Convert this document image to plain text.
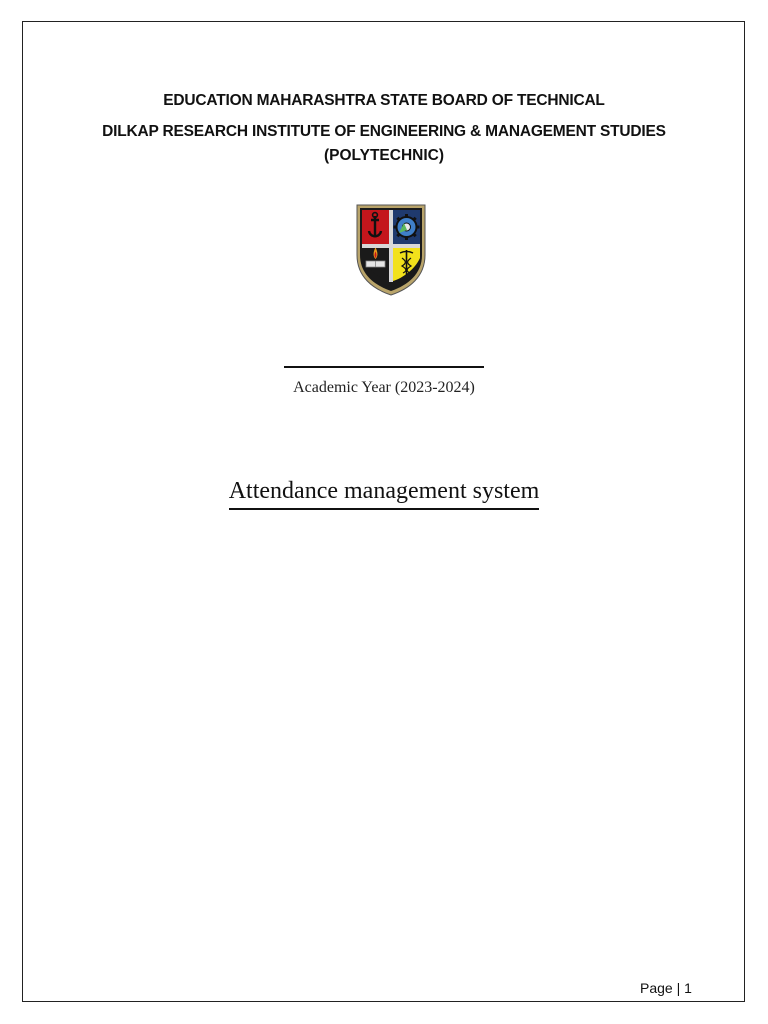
EDUCATION MAHARASHTRA STATE BOARD OF TECHNICAL
DILKAP RESEARCH INSTITUTE OF ENGINEERING & MANAGEMENT STUDIES
(POLYTECHNIC)
Academic Year (2023-2024)
Attendance management system
Page | 1
